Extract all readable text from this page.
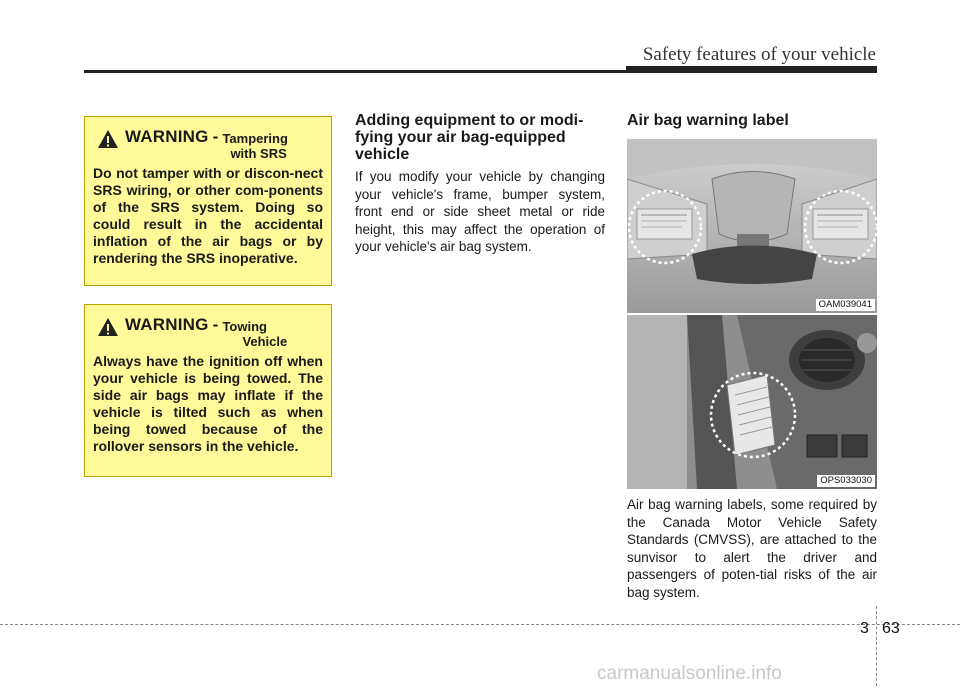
Safety features of your vehicle
WARNING - Tampering
with SRS
Do not tamper with or discon-nect SRS wiring, or other com-ponents of the SRS system. Doing so could result in the accidental inflation of the air bags or by rendering the SRS inoperative.
WARNING - Towing
Vehicle
Always have the ignition off when your vehicle is being towed. The side air bags may inflate if the vehicle is tilted such as when being towed because of the rollover sensors in the vehicle.
Adding equipment to or modi-fying your air bag-equipped vehicle

If you modify your vehicle by changing your vehicle's frame, bumper system, front end or side sheet metal or ride height, this may affect the operation of your vehicle's air bag system.

Air bag warning label
OAM039041
OPS033030

Air bag warning labels, some required by the Canada Motor Vehicle Safety Standards (CMVSS), are attached to the sunvisor to alert the driver and passengers of poten-tial risks of the air bag system.

3 63
carmanualsonline.info
